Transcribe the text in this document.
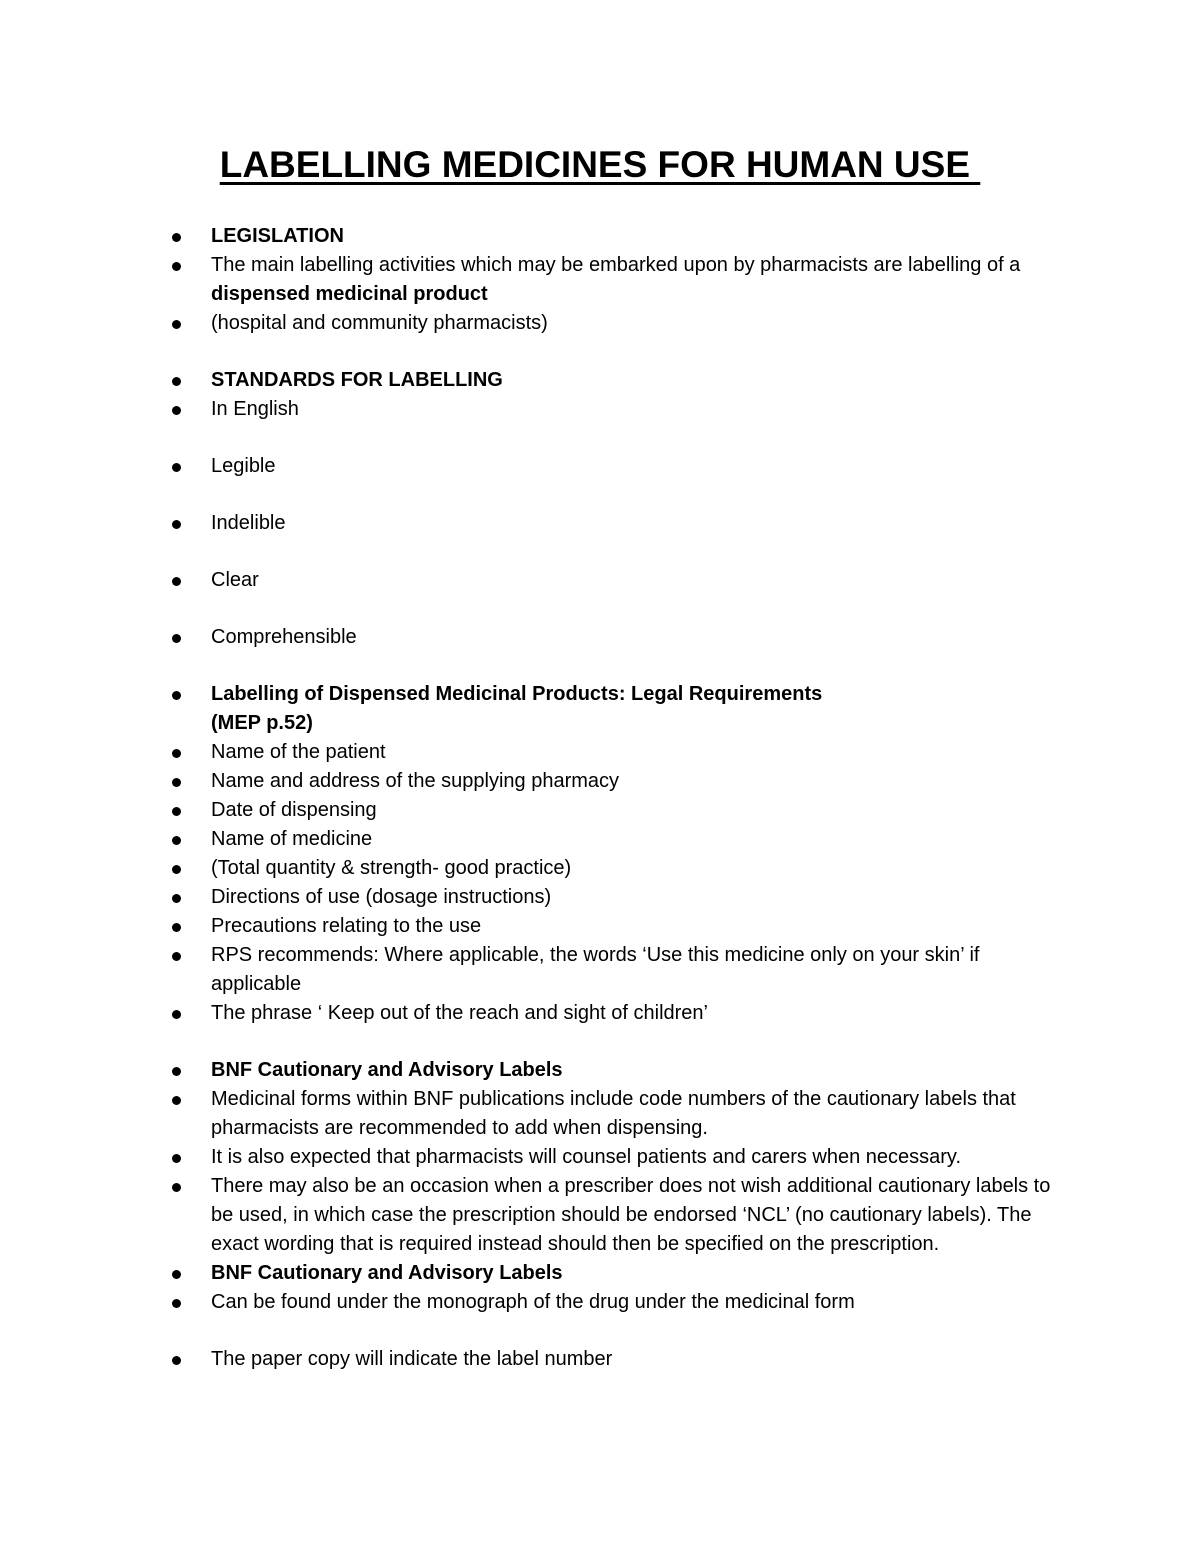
LABELLING MEDICINES FOR HUMAN USE
LEGISLATION
The main labelling activities which may be embarked upon by pharmacists are labelling of a dispensed medicinal product
(hospital and community pharmacists)
STANDARDS FOR LABELLING
In English
Legible
Indelible
Clear
Comprehensible
Labelling of Dispensed Medicinal Products: Legal Requirements
(MEP p.52)
Name of the patient
Name and address of the supplying pharmacy
Date of dispensing
Name of medicine
(Total quantity & strength- good practice)
Directions of use (dosage instructions)
Precautions relating to the use
RPS recommends: Where applicable, the words ‘Use this medicine only on your skin’ if applicable
The phrase ‘ Keep out of the reach and sight of children’
BNF Cautionary and Advisory Labels
Medicinal forms within BNF publications include code numbers of the cautionary labels that pharmacists are recommended to add when dispensing.
It is also expected that pharmacists will counsel patients and carers when necessary.
There may also be an occasion when a prescriber does not wish additional cautionary labels to be used, in which case the prescription should be endorsed ‘NCL’ (no cautionary labels). The exact wording that is required instead should then be specified on the prescription.
BNF Cautionary and Advisory Labels
Can be found under the monograph of the drug under the medicinal form
The paper copy will indicate the label number
